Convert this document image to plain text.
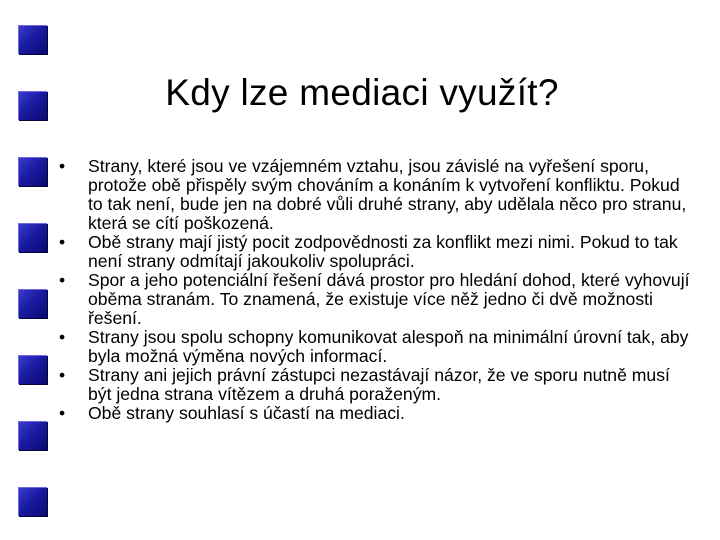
Kdy lze mediaci využít?
• Strany, které jsou ve vzájemném vztahu, jsou závislé na vyřešení sporu, protože obě přispěly svým chováním a konáním k vytvoření konfliktu. Pokud to tak není, bude jen na dobré vůli druhé strany, aby udělala něco pro stranu, která se cítí poškozená.
• Obě strany mají jistý pocit zodpovědnosti za konflikt mezi nimi. Pokud to tak není strany odmítají jakoukoliv spolupráci.
• Spor a jeho potenciální řešení dává prostor pro hledání dohod, které vyhovují oběma stranám. To znamená, že existuje více něž jedno či dvě možnosti řešení.
• Strany jsou spolu schopny komunikovat alespoň na minimální úrovní tak, aby byla možná výměna nových informací.
• Strany ani jejich právní zástupci nezastávají názor, že ve sporu nutně musí být jedna strana vítězem a druhá poraženým.
• Obě strany souhlasí s účastí na mediaci.
